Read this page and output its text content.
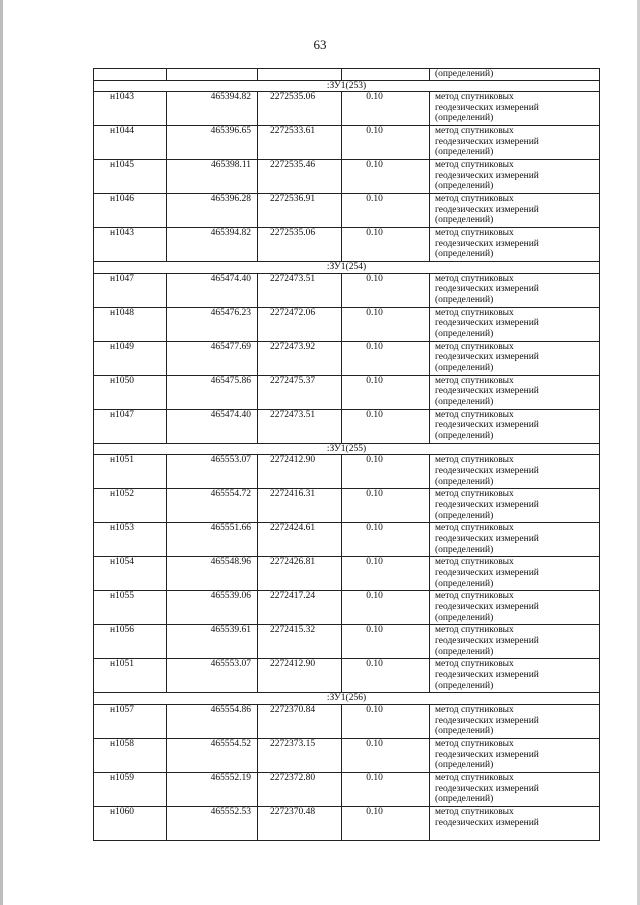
63
				(определений)
:ЗУ1(253)				
н1043	465394.82	2272535.06	0.10	метод спутниковых
геодезических измерений
(определений)

н1044	465396.65	2272533.61	0.10	метод спутниковых
геодезических измерений
(определений)

н1045	465398.11	2272535.46	0.10	метод спутниковых
геодезических измерений
(определений)

н1046	465396.28	2272536.91	0.10	метод спутниковых
геодезических измерений
(определений)

н1043	465394.82	2272535.06	0.10	метод спутниковых
геодезических измерений
(определений)

:ЗУ1(254)				
н1047	465474.40	2272473.51	0.10	метод спутниковых
геодезических измерений
(определений)

н1048	465476.23	2272472.06	0.10	метод спутниковых
геодезических измерений
(определений)

н1049	465477.69	2272473.92	0.10	метод спутниковых
геодезических измерений
(определений)

н1050	465475.86	2272475.37	0.10	метод спутниковых
геодезических измерений
(определений)

н1047	465474.40	2272473.51	0.10	метод спутниковых
геодезических измерений
(определений)

:ЗУ1(255)				
н1051	465553.07	2272412.90	0.10	метод спутниковых
геодезических измерений
(определений)

н1052	465554.72	2272416.31	0.10	метод спутниковых
геодезических измерений
(определений)

н1053	465551.66	2272424.61	0.10	метод спутниковых
геодезических измерений
(определений)

н1054	465548.96	2272426.81	0.10	метод спутниковых
геодезических измерений
(определений)

н1055	465539.06	2272417.24	0.10	метод спутниковых
геодезических измерений
(определений)

н1056	465539.61	2272415.32	0.10	метод спутниковых
геодезических измерений
(определений)

н1051	465553.07	2272412.90	0.10	метод спутниковых
геодезических измерений
(определений)

:ЗУ1(256)				
н1057	465554.86	2272370.84	0.10	метод спутниковых
геодезических измерений
(определений)

н1058	465554.52	2272373.15	0.10	метод спутниковых
геодезических измерений
(определений)

н1059	465552.19	2272372.80	0.10	метод спутниковых
геодезических измерений
(определений)

н1060	465552.53	2272370.48	0.10	метод спутниковых
геодезических измерений
